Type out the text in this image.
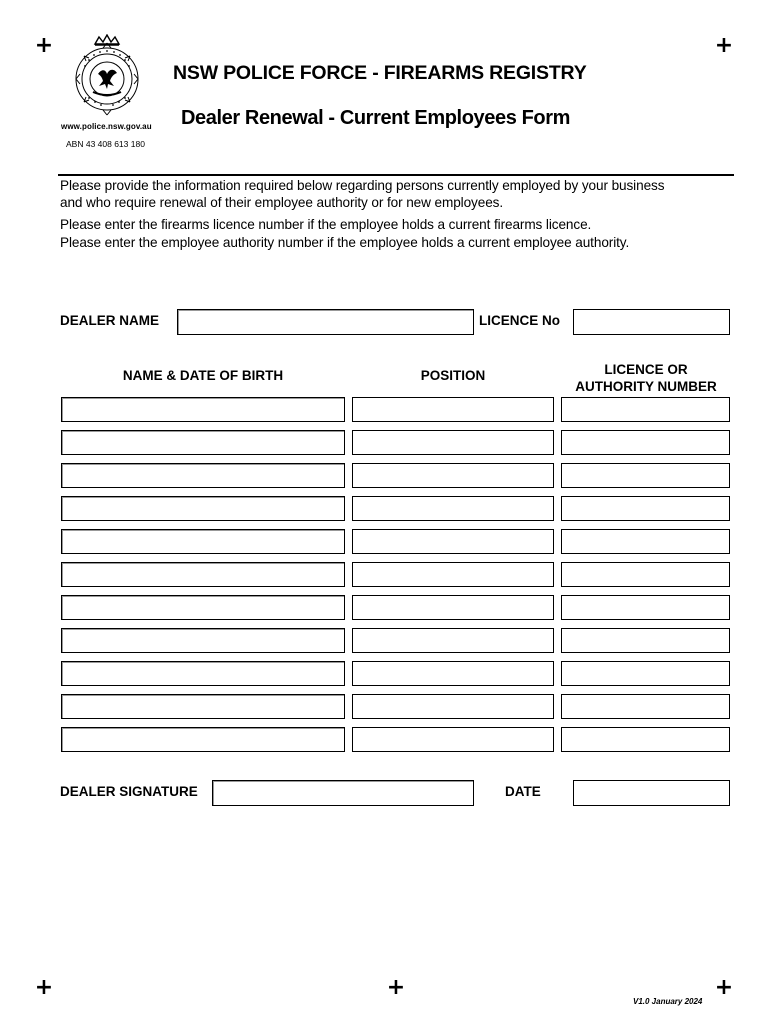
+	+
+	+	+
www.police.nsw.gov.au
ABN 43 408 613 180
NSW POLICE FORCE - FIREARMS REGISTRY
Dealer Renewal - Current Employees Form
Please provide the information required below regarding persons currently employed by your business
and who require renewal of their employee authority or for new employees.
Please enter the firearms licence number if the employee holds a current firearms licence.
Please enter the employee authority number if the employee holds a current employee authority.
DEALER NAME	LICENCE No
NAME & DATE OF BIRTH	POSITION	LICENCE OR
AUTHORITY NUMBER
DEALER SIGNATURE	DATE
V1.0 January 2024
